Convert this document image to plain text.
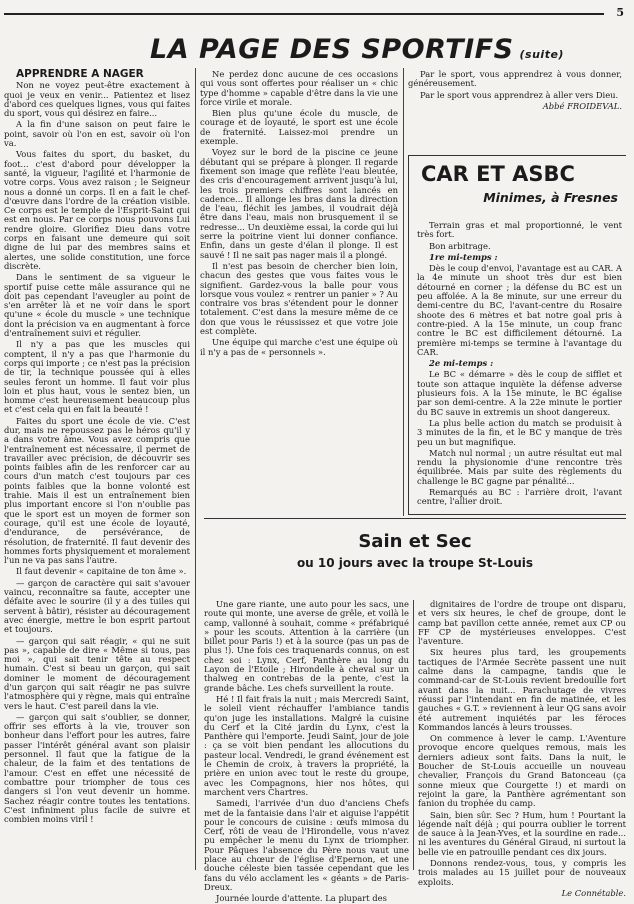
5
LA PAGE DES SPORTIFS (suite)

APPRENDRE A NAGER

Non ne voyez peut-être exactement à quoi je veux en venir... Patientez et lisez d'abord ces quelques lignes, vous qui faites du sport, vous qui désirez en faire...

A la fin d'une saison on peut faire le point, savoir où l'on en est, savoir où l'on va.

Vous faites du sport, du basket, du foot... c'est d'abord pour développer la santé, la vigueur, l'agilité et l'harmonie de votre corps. Vous avez raison ; le Seigneur nous a donné un corps. Il en a fait le chef-d'œuvre dans l'ordre de la création visible. Ce corps est le temple de l'Esprit-Saint qui est en nous. Par ce corps nous pouvons Lui rendre gloire. Glorifiez Dieu dans votre corps en faisant une demeure qui soit digne de lui par des membres sains et alertes, une solide constitution, une force discrète.

Dans le sentiment de sa vigueur le sportif puise cette mâle assurance qui ne doit pas cependant l'aveugler au point de s'en arrêter là et ne voir dans le sport qu'une « école du muscle » une technique dont la précision va en augmentant à force d'entraînement suivi et régulier.

Il n'y a pas que les muscles qui comptent, il n'y a pas que l'harmonie du corps qui importe ; ce n'est pas la précision de tir, la technique poussée qui à elles seules feront un homme. Il faut voir plus loin et plus haut, vous le sentez bien, un homme c'est heureusement beaucoup plus et c'est cela qui en fait la beauté !

Faites du sport une école de vie. C'est dur, mais ne repoussez pas le héros qu'il y a dans votre âme. Vous avez compris que l'entraînement est nécessaire, il permet de travailler avec précision, de découvrir ses points faibles afin de les renforcer car au cours d'un match c'est toujours par ces points faibles que la bonne volonté est trahie. Mais il est un entraînement bien plus important encore si l'on n'oublie pas que le sport est un moyen de former son courage, qu'il est une école de loyauté, d'endurance, de persévérance, de résolution, de fraternité. Il faut devenir des hommes forts physiquement et moralement l'un ne va pas sans l'autre.

Il faut devenir « capitaine de ton âme ».

— garçon de caractère qui sait s'avouer vaincu, reconnaître sa faute, accepter une défaite avec le sourire (il y a des tuiles qui servent à bâtir), résister au découragement avec énergie, mettre le bon esprit partout et toujours.

— garçon qui sait réagir, « qui ne suit pas », capable de dire « Même si tous, pas moi », qui sait tenir tête au respect humain. C'est si beau un garçon, qui sait dominer le moment de découragement d'un garçon qui sait réagir ne pas suivre l'atmosphère qui y règne, mais qui entraîne vers le haut. C'est pareil dans la vie.

— garçon qui sait s'oublier, se donner, offrir ses efforts à la vie, trouver son bonheur dans l'effort pour les autres, faire passer l'intérêt général avant son plaisir personnel. Il faut que la fatigue de la chaleur, de la faim et des tentations de l'amour. C'est en effet une nécessité de combattre pour triompher de tous ces dangers si l'on veut devenir un homme. Sachez réagir contre toutes les tentations. C'est infiniment plus facile de suivre et combien moins viril !

Ne perdez donc aucune de ces occasions qui vous sont offertes pour réaliser un « chic type d'homme » capable d'être dans la vie une force virile et morale.

Bien plus qu'une école du muscle, de courage et de loyauté, le sport est une école de fraternité. Laissez-moi prendre un exemple.

Voyez sur le bord de la piscine ce jeune débutant qui se prépare à plonger. Il regarde fixement son image que reflète l'eau bleutée, des cris d'encouragement arrivent jusqu'à lui, les trois premiers chiffres sont lancés en cadence... Il allonge les bras dans la direction de l'eau, fléchit les jambes, il voudrait déjà être dans l'eau, mais non brusquement il se redresse... Un deuxième essai, la corde qui lui serre la poitrine vient lui donner confiance. Enfin, dans un geste d'élan il plonge. Il est sauvé ! Il ne sait pas nager mais il a plongé.

Il n'est pas besoin de chercher bien loin, chacun des gestes que vous faites vous le signifient. Gardez-vous la balle pour vous lorsque vous voulez « rentrer un panier » ? Au contraire vos bras s'étendent pour le donner totalement. C'est dans la mesure même de ce don que vous le réussissez et que votre joie est complète.

Une équipe qui marche c'est une équipe où il n'y a pas de « personnels ».

Par le sport, vous apprendrez à vous donner, généreusement.

Par le sport vous apprendrez à aller vers Dieu.

Abbé FROIDEVAL.

CAR ET ASBC
Minimes, à Fresnes

Terrain gras et mal proportionné, le vent très fort.

Bon arbitrage.

1re mi-temps :

Dès le coup d'envoi, l'avantage est au CAR. A la 4e minute un shoot très dur est bien détourné en corner ; la défense du BC est un peu affolée. A la 8e minute, sur une erreur du demi-centre du BC, l'avant-centre du Rosaire shoote des 6 mètres et bat notre goal pris à contre-pied. A la 15e minute, un coup franc contre le BC est difficilement détourné. La première mi-temps se termine à l'avantage du CAR.

2e mi-temps :

Le BC « démarre » dès le coup de sifflet et toute son attaque inquiète la défense adverse plusieurs fois. A la 15e minute, le BC égalise par son demi-centre. A la 22e minute le portier du BC sauve in extremis un shoot dangereux.

La plus belle action du match se produisit à 3 minutes de la fin, et le BC y manque de très peu un but magnifique.

Match nul normal ; un autre résultat eut mal rendu la physionomie d'une rencontre très équilibrée. Mais par suite des règlements du challenge le BC gagne par pénalité...

Remarqués au BC : l'arrière droit, l'avant centre, l'allier droit.

Sain et Sec
ou 10 jours avec la troupe St-Louis

Une gare riante, une auto pour les sacs, une route qui monte, une averse de grêle, et voilà le camp, vallonné à souhait, comme « préfabriqué » pour les scouts. Attention à la carrière (un billet pour Paris !) et à la source (pas un pas de plus !). Une fois ces traquenards connus, on est chez soi : Lynx, Cerf, Panthère au long du Layon de l'Etoile ; Hirondelle à cheval sur un thalweg en contrebas de la pente, c'est la grande bâche. Les chefs surveillent la route.

Hé ! Il fait frais la nuit ; mais Mercredi Saint, le soleil vient réchauffer l'ambiance tandis qu'on juge les installations. Malgré la cuisine du Cerf et la Cité jardin du Lynx, c'est la Panthère qui l'emporte. Jeudi Saint, jour de joie : ça se voit bien pendant les allocutions du pasteur local. Vendredi, le grand événement est le Chemin de croix, à travers la propriété, la prière en union avec tout le reste du groupe, avec les Compagnons, hier nos hôtes, qui marchent vers Chartres.

Samedi, l'arrivée d'un duo d'anciens Chefs met de la fantaisie dans l'air et aiguise l'appétit pour le concours de cuisine : œufs mimosa du Cerf, rôti de veau de l'Hirondelle, vous n'avez pu empêcher le menu du Lynx de triompher. Pour Pâques l'absence du Père nous vaut une place au chœur de l'église d'Epernon, et une douche céleste bien tassée cependant que les fans du vélo acclament les « géants » de Paris-Dreux.

Journée lourde d'attente. La plupart des

dignitaires de l'ordre de troupe ont disparu, et vers six heures, le chef de groupe, dont le camp bat pavillon cette année, remet aux CP ou FF CP de mystérieuses enveloppes. C'est l'aventure.

Six heures plus tard, les groupements tactiques de l'Armée Secrète passent une nuit calme dans la campagne, tandis que le command-car de St-Louis revient bredouille fort avant dans la nuit... Parachutage de vivres réussi par l'intendant en fin de matinée, et les gauches « G.T. » reviennent à leur QG sans avoir été autrement inquiétés par les féroces Kommandos lancés à leurs trousses.

On commence à lever le camp. L'Aventure provoque encore quelques remous, mais les derniers adieux sont faits. Dans la nuit, le Boucher de St-Louis accueille un nouveau chevalier, François du Grand Batonceau (ça sonne mieux que Courgette !) et mardi on rejoint la gare, la Panthère agrémentant son fanion du trophée du camp.

Sain, bien sûr. Sec ? Hum, hum ! Pourtant la légende naît déjà ; qui pourra oublier le torrent de sauce à la Jean-Yves, et la sourdine en rade... ni les aventures du Général Giraud, ni surtout la belle vie en patrouille pendant ces dix jours.

Donnons rendez-vous, tous, y compris les trois malades au 15 juillet pour de nouveaux exploits.

Le Connétable.
